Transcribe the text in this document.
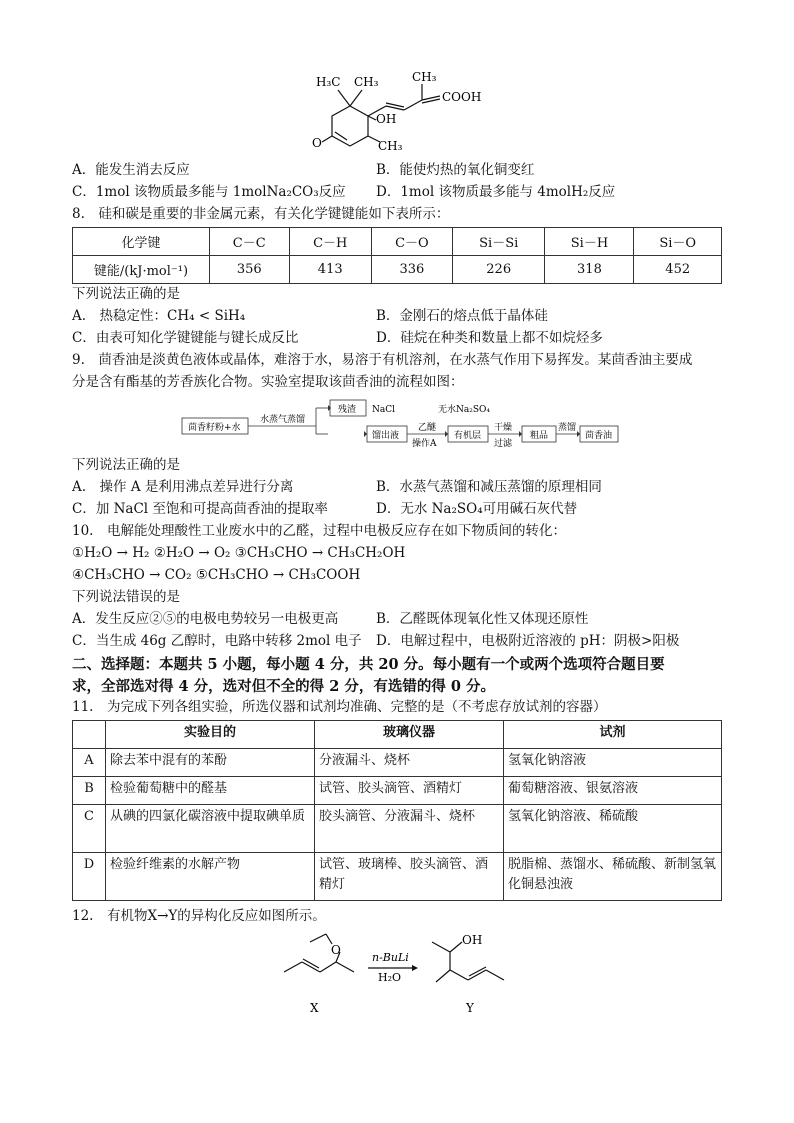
H₃C CH₃	CH₃
COOH
OH
O	CH₃
A．能发生消去反应	B．能使灼热的氧化铜变红
C．1mol 该物质最多能与 1molNa₂CO₃反应 D．1mol 该物质最多能与 4molH₂反应
8.　硅和碳是重要的非金属元素，有关化学键键能如下表所示：
化学键	C－C	C－H	C－O	Si－Si	Si－H	Si－O
键能/(kJ·mol⁻¹)	356	413	336	226	318	452
下列说法正确的是
A.　热稳定性：CH₄ < SiH₄	B．金刚石的熔点低于晶体硅
C．由表可知化学键键能与键长成反比	D．硅烷在种类和数量上都不如烷烃多
9.　茴香油是淡黄色液体或晶体，难溶于水，易溶于有机溶剂，在水蒸气作用下易挥发。某茴香油主要成
分是含有酯基的芳香族化合物。实验室提取该茴香油的流程如图：
茴香籽粉+水
水蒸气蒸馏
残渣 NaCl
馏出液
乙醚
操作A
无水Na₂SO₄
有机层
干燥
过滤
粗品
蒸馏
茴香油
下列说法正确的是
A.　操作 A 是利用沸点差异进行分离	B．水蒸气蒸馏和减压蒸馏的原理相同
C．加 NaCl 至饱和可提高茴香油的提取率	D．无水 Na₂SO₄可用碱石灰代替
10.　电解能处理酸性工业废水中的乙醛，过程中电极反应存在如下物质间的转化：
①H₂O → H₂ ②H₂O → O₂ ③CH₃CHO → CH₃CH₂OH
④CH₃CHO → CO₂ ⑤CH₃CHO → CH₃COOH
下列说法错误的是
A．发生反应②⑤的电极电势较另一电极更高	B．乙醛既体现氧化性又体现还原性
C．当生成 46g 乙醇时，电路中转移 2mol 电子 D．电解过程中，电极附近溶液的 pH：阴极>阳极
二、选择题：本题共 5 小题，每小题 4 分，共 20 分。每小题有一个或两个选项符合题目要
求，全部选对得 4 分，选对但不全的得 2 分，有选错的得 0 分。
11.　为完成下列各组实验，所选仪器和试剂均准确、完整的是（不考虑存放试剂的容器）
	实验目的	玻璃仪器	试剂
A	除去苯中混有的苯酚	分液漏斗、烧杯	氢氧化钠溶液
B	检验葡萄糖中的醛基	试管、胶头滴管、酒精灯	葡萄糖溶液、银氨溶液
C	从碘的四氯化碳溶液中提取碘单质	胶头滴管、分液漏斗、烧杯	氢氧化钠溶液、稀硫酸
D	检验纤维素的水解产物	试管、玻璃棒、胶头滴管、酒精灯	脱脂棉、蒸馏水、稀硫酸、新制氢氧化铜悬浊液
12.　有机物X→Y的异构化反应如图所示。
O
n-BuLi
H₂O
OH
X	Y
